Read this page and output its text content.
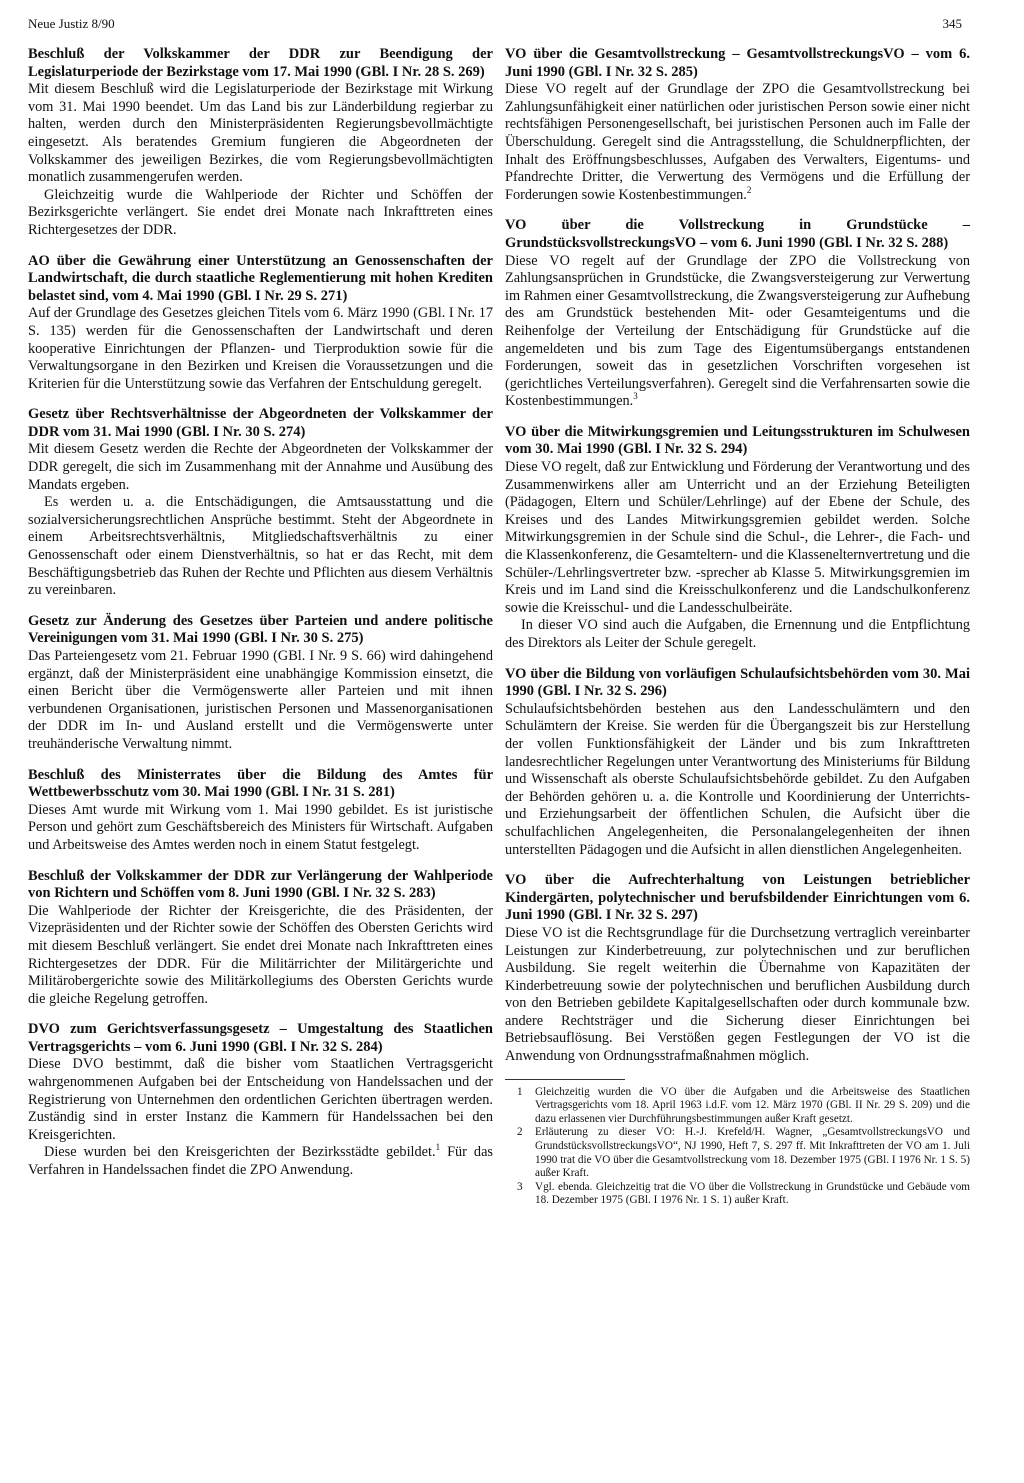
Neue Justiz 8/90	345
Beschluß der Volkskammer der DDR zur Beendigung der Legislaturperiode der Bezirkstage vom 17. Mai 1990 (GBl. I Nr. 28 S. 269)

Mit diesem Beschluß wird die Legislaturperiode der Bezirkstage mit Wirkung vom 31. Mai 1990 beendet. Um das Land bis zur Länderbildung regierbar zu halten, werden durch den Ministerpräsidenten Regierungsbevollmächtigte eingesetzt. Als beratendes Gremium fungieren die Abgeordneten der Volkskammer des jeweiligen Bezirkes, die vom Regierungsbevollmächtigten monatlich zusammengerufen werden.

Gleichzeitig wurde die Wahlperiode der Richter und Schöffen der Bezirksgerichte verlängert. Sie endet drei Monate nach Inkrafttreten eines Richtergesetzes der DDR.

AO über die Gewährung einer Unterstützung an Genossenschaften der Landwirtschaft, die durch staatliche Reglementierung mit hohen Krediten belastet sind, vom 4. Mai 1990 (GBl. I Nr. 29 S. 271)

Auf der Grundlage des Gesetzes gleichen Titels vom 6. März 1990 (GBl. I Nr. 17 S. 135) werden für die Genossenschaften der Landwirtschaft und deren kooperative Einrichtungen der Pflanzen- und Tierproduktion sowie für die Verwaltungsorgane in den Bezirken und Kreisen die Voraussetzungen und die Kriterien für die Unterstützung sowie das Verfahren der Entschuldung geregelt.

Gesetz über Rechtsverhältnisse der Abgeordneten der Volkskammer der DDR vom 31. Mai 1990 (GBl. I Nr. 30 S. 274)

Mit diesem Gesetz werden die Rechte der Abgeordneten der Volkskammer der DDR geregelt, die sich im Zusammenhang mit der Annahme und Ausübung des Mandats ergeben.

Es werden u. a. die Entschädigungen, die Amtsausstattung und die sozialversicherungsrechtlichen Ansprüche bestimmt. Steht der Abgeordnete in einem Arbeitsrechtsverhältnis, Mitgliedschaftsverhältnis zu einer Genossenschaft oder einem Dienstverhältnis, so hat er das Recht, mit dem Beschäftigungsbetrieb das Ruhen der Rechte und Pflichten aus diesem Verhältnis zu vereinbaren.

Gesetz zur Änderung des Gesetzes über Parteien und andere politische Vereinigungen vom 31. Mai 1990 (GBl. I Nr. 30 S. 275)

Das Parteiengesetz vom 21. Februar 1990 (GBl. I Nr. 9 S. 66) wird dahingehend ergänzt, daß der Ministerpräsident eine unabhängige Kommission einsetzt, die einen Bericht über die Vermögenswerte aller Parteien und mit ihnen verbundenen Organisationen, juristischen Personen und Massenorganisationen der DDR im In- und Ausland erstellt und die Vermögenswerte unter treuhänderische Verwaltung nimmt.

Beschluß des Ministerrates über die Bildung des Amtes für Wettbewerbsschutz vom 30. Mai 1990 (GBl. I Nr. 31 S. 281)

Dieses Amt wurde mit Wirkung vom 1. Mai 1990 gebildet. Es ist juristische Person und gehört zum Geschäftsbereich des Ministers für Wirtschaft. Aufgaben und Arbeitsweise des Amtes werden noch in einem Statut festgelegt.

Beschluß der Volkskammer der DDR zur Verlängerung der Wahlperiode von Richtern und Schöffen vom 8. Juni 1990 (GBl. I Nr. 32 S. 283)

Die Wahlperiode der Richter der Kreisgerichte, die des Präsidenten, der Vizepräsidenten und der Richter sowie der Schöffen des Obersten Gerichts wird mit diesem Beschluß verlängert. Sie endet drei Monate nach Inkrafttreten eines Richtergesetzes der DDR. Für die Militärrichter der Militärgerichte und Militärobergerichte sowie des Militärkollegiums des Obersten Gerichts wurde die gleiche Regelung getroffen.

DVO zum Gerichtsverfassungsgesetz – Umgestaltung des Staatlichen Vertragsgerichts – vom 6. Juni 1990 (GBl. I Nr. 32 S. 284)

Diese DVO bestimmt, daß die bisher vom Staatlichen Vertragsgericht wahrgenommenen Aufgaben bei der Entscheidung von Handelssachen und der Registrierung von Unternehmen den ordentlichen Gerichten übertragen werden. Zuständig sind in erster Instanz die Kammern für Handelssachen bei den Kreisgerichten.

Diese wurden bei den Kreisgerichten der Bezirksstädte gebildet.$^1$ Für das Verfahren in Handelssachen findet die ZPO Anwendung.

VO über die Gesamtvollstreckung – GesamtvollstreckungsVO – vom 6. Juni 1990 (GBl. I Nr. 32 S. 285)

Diese VO regelt auf der Grundlage der ZPO die Gesamtvollstreckung bei Zahlungsunfähigkeit einer natürlichen oder juristischen Person sowie einer nicht rechtsfähigen Personengesellschaft, bei juristischen Personen auch im Falle der Überschuldung. Geregelt sind die Antragsstellung, die Schuldnerpflichten, der Inhalt des Eröffnungsbeschlusses, Aufgaben des Verwalters, Eigentums- und Pfandrechte Dritter, die Verwertung des Vermögens und die Erfüllung der Forderungen sowie Kostenbestimmungen.$^2$

VO über die Vollstreckung in Grundstücke – GrundstücksvollstreckungsVO – vom 6. Juni 1990 (GBl. I Nr. 32 S. 288)

Diese VO regelt auf der Grundlage der ZPO die Vollstreckung von Zahlungsansprüchen in Grundstücke, die Zwangsversteigerung zur Verwertung im Rahmen einer Gesamtvollstreckung, die Zwangsversteigerung zur Aufhebung des am Grundstück bestehenden Mit- oder Gesamteigentums und die Reihenfolge der Verteilung der Entschädigung für Grundstücke auf die angemeldeten und bis zum Tage des Eigentumsübergangs entstandenen Forderungen, soweit das in gesetzlichen Vorschriften vorgesehen ist (gerichtliches Verteilungsverfahren). Geregelt sind die Verfahrensarten sowie die Kostenbestimmungen.$^3$

VO über die Mitwirkungsgremien und Leitungsstrukturen im Schulwesen vom 30. Mai 1990 (GBl. I Nr. 32 S. 294)

Diese VO regelt, daß zur Entwicklung und Förderung der Verantwortung und des Zusammenwirkens aller am Unterricht und an der Erziehung Beteiligten (Pädagogen, Eltern und Schüler/Lehrlinge) auf der Ebene der Schule, des Kreises und des Landes Mitwirkungsgremien gebildet werden. Solche Mitwirkungsgremien in der Schule sind die Schul-, die Lehrer-, die Fach- und die Klassenkonferenz, die Gesamteltern- und die Klassenelternvertretung und die Schüler-/Lehrlingsvertreter bzw. -sprecher ab Klasse 5. Mitwirkungsgremien im Kreis und im Land sind die Kreisschulkonferenz und die Landschulkonferenz sowie die Kreisschul- und die Landesschulbeiräte.

In dieser VO sind auch die Aufgaben, die Ernennung und die Entpflichtung des Direktors als Leiter der Schule geregelt.

VO über die Bildung von vorläufigen Schulaufsichtsbehörden vom 30. Mai 1990 (GBl. I Nr. 32 S. 296)

Schulaufsichtsbehörden bestehen aus den Landesschulämtern und den Schulämtern der Kreise. Sie werden für die Übergangszeit bis zur Herstellung der vollen Funktionsfähigkeit der Länder und bis zum Inkrafttreten landesrechtlicher Regelungen unter Verantwortung des Ministeriums für Bildung und Wissenschaft als oberste Schulaufsichtsbehörde gebildet. Zu den Aufgaben der Behörden gehören u. a. die Kontrolle und Koordinierung der Unterrichts- und Erziehungsarbeit der öffentlichen Schulen, die Aufsicht über die schulfachlichen Angelegenheiten, die Personalangelegenheiten der ihnen unterstellten Pädagogen und die Aufsicht in allen dienstlichen Angelegenheiten.

VO über die Aufrechterhaltung von Leistungen betrieblicher Kindergärten, polytechnischer und berufsbildender Einrichtungen vom 6. Juni 1990 (GBl. I Nr. 32 S. 297)

Diese VO ist die Rechtsgrundlage für die Durchsetzung vertraglich vereinbarter Leistungen zur Kinderbetreuung, zur polytechnischen und zur beruflichen Ausbildung. Sie regelt weiterhin die Übernahme von Kapazitäten der Kinderbetreuung sowie der polytechnischen und beruflichen Ausbildung durch von den Betrieben gebildete Kapitalgesellschaften oder durch kommunale bzw. andere Rechtsträger und die Sicherung dieser Einrichtungen bei Betriebsauflösung. Bei Verstößen gegen Festlegungen der VO ist die Anwendung von Ordnungsstrafmaßnahmen möglich.

1	Gleichzeitig wurden die VO über die Aufgaben und die Arbeitsweise des Staatlichen Vertragsgerichts vom 18. April 1963 i.d.F. vom 12. März 1970 (GBl. II Nr. 29 S. 209) und die dazu erlassenen vier Durchführungsbestimmungen außer Kraft gesetzt.
2	Erläuterung zu dieser VO: H.-J. Krefeld/H. Wagner, „GesamtvollstreckungsVO und GrundstücksvollstreckungsVO“, NJ 1990, Heft 7, S. 297 ff. Mit Inkrafttreten der VO am 1. Juli 1990 trat die VO über die Gesamtvollstreckung vom 18. Dezember 1975 (GBl. I 1976 Nr. 1 S. 5) außer Kraft.
3	Vgl. ebenda. Gleichzeitig trat die VO über die Vollstreckung in Grundstücke und Gebäude vom 18. Dezember 1975 (GBl. I 1976 Nr. 1 S. 1) außer Kraft.
